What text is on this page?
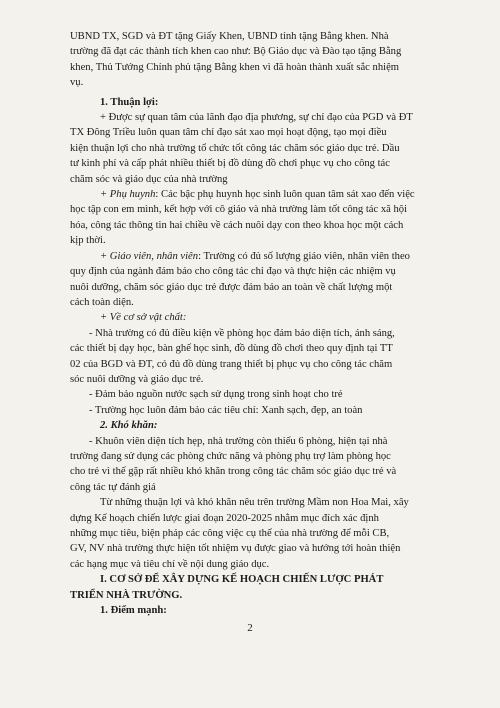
UBND TX, SGD và ĐT tặng Giấy Khen, UBND tỉnh tặng Bằng khen. Nhà

trường đã đạt các thành tích khen cao như: Bộ Giáo dục và Đào tạo tặng Bằng

khen, Thủ Tướng Chính phủ tặng Bằng khen vì đã hoàn thành xuất sắc nhiệm

vụ.

1. Thuận lợi:

+ Được sự quan tâm của lãnh đạo địa phương, sự chỉ đạo của PGD và ĐT

TX Đông Triều luôn quan tâm chỉ đạo sát xao mọi hoạt động, tạo mọi điều

kiện thuận lợi cho nhà trường tổ chức tốt công tác chăm sóc giáo dục trẻ. Dầu

tư kinh phí và cấp phát nhiều thiết bị đồ dùng đồ chơi phục vụ cho công tác

chăm sóc và giáo dục của nhà trường

+ Phụ huynh: Các bậc phụ huynh học sinh luôn quan tâm sát xao đến việc

học tập con em mình, kết hợp với cô giáo và nhà trường làm tốt công tác xã hội

hóa, công tác thông tin hai chiều về cách nuôi dạy con theo khoa học một cách

kịp thời.

+ Giáo viên, nhân viên: Trường có đủ số lượng giáo viên, nhân viên theo

quy định của ngành đảm bảo cho công tác chỉ đạo và thực hiện các nhiệm vụ

nuôi dưỡng, chăm sóc giáo dục trẻ được đảm bảo an toàn về chất lượng một

cách toàn diện.

+ Về cơ sở vật chất:

- Nhà trường có đủ điều kiện về phòng học đảm bảo diện tích, ánh sáng,

các thiết bị dạy học, bàn ghế học sinh, đồ dùng đồ chơi theo quy định tại TT

02 của BGD và ĐT, có đủ đồ dùng trang thiết bị phục vụ cho công tác chăm

sóc nuôi dưỡng và giáo dục trẻ.

- Đảm bảo nguồn nước sạch sử dụng trong sinh hoạt cho trẻ

- Trường học luôn đảm bảo các tiêu chí: Xanh sạch, đẹp, an toàn

2. Khó khăn:

- Khuôn viên diện tích hẹp, nhà trường còn thiếu 6 phòng, hiện tại nhà

trường đang sử dụng các phòng chức năng và phòng phụ trợ làm phòng học

cho trẻ vì thế gặp rất nhiều khó khăn trong công tác chăm sóc giáo dục trẻ và

công tác tự đánh giá

Từ những thuận lợi và khó khăn nêu trên trường Mầm non Hoa Mai, xây

dựng Kế hoạch chiến lược giai đoạn 2020-2025 nhằm mục đích xác định

những mục tiêu, biện pháp các công việc cụ thể của nhà trường để mỗi CB,

GV, NV nhà trường thực hiện tốt nhiệm vụ được giao và hướng tới hoàn thiện

các hạng mục và tiêu chí về nội dung giáo dục.

I. CƠ SỞ ĐỂ XÂY DỰNG KẾ HOẠCH CHIẾN LƯỢC PHÁT

TRIỂN NHÀ TRƯỜNG.

1. Điểm mạnh:

2
